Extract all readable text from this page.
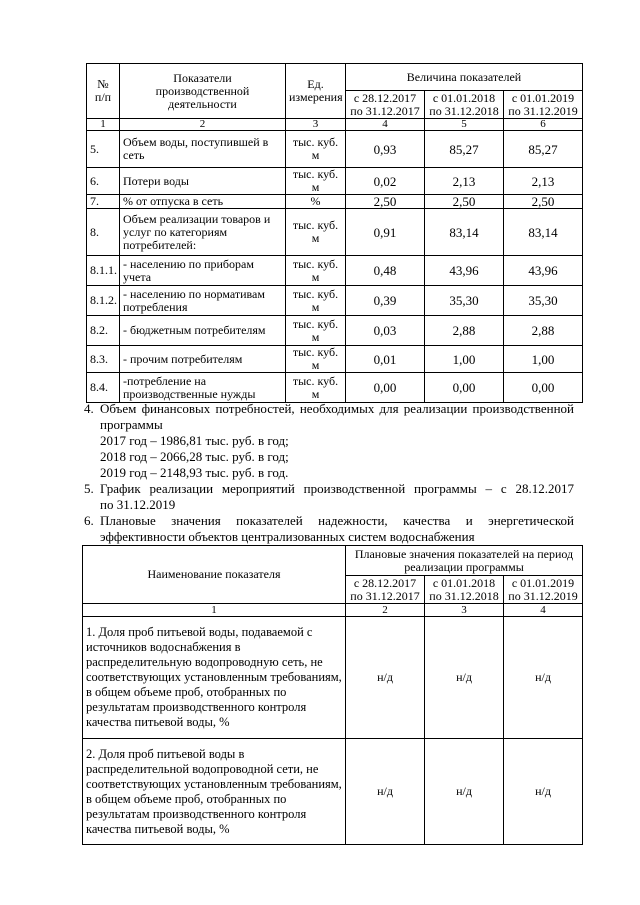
№
п/п	Показатели производственной деятельности	Ед. измерения	Величина показателей		
			с 28.12.2017 по 31.12.2017	с 01.01.2018 по 31.12.2018	с 01.01.2019 по 31.12.2019
1	2	3	4	5	6
5.	Объем воды, поступившей в сеть	тыс. куб. м	0,93	85,27	85,27
6.	Потери воды	тыс. куб. м	0,02	2,13	2,13
7.	% от отпуска в сеть	%	2,50	2,50	2,50
8.	Объем реализации товаров и услуг по категориям потребителей:	тыс. куб. м	0,91	83,14	83,14
8.1.1.	- населению по приборам учета	тыс. куб. м	0,48	43,96	43,96
8.1.2.	- населению по нормативам потребления	тыс. куб. м	0,39	35,30	35,30
8.2.	- бюджетным потребителям	тыс. куб. м	0,03	2,88	2,88
8.3.	- прочим потребителям	тыс. куб. м	0,01	1,00	1,00
8.4.	-потребление на производственные нужды	тыс. куб. м	0,00	0,00	0,00
4. Объем финансовых потребностей, необходимых для реализации производственной
программы
2017 год – 1986,81 тыс. руб. в год;
2018 год – 2066,28 тыс. руб. в год;
2019 год – 2148,93 тыс. руб. в год.
5. График реализации мероприятий производственной программы – с 28.12.2017
по 31.12.2019
6. Плановые значения показателей надежности, качества и энергетической
эффективности объектов централизованных систем водоснабжения
Наименование показателя	Плановые значения показателей на период реализации программы		
	с 28.12.2017 по 31.12.2017	с 01.01.2018 по 31.12.2018	с 01.01.2019 по 31.12.2019
1	2	3	4
1. Доля проб питьевой воды, подаваемой с источников водоснабжения в распределительную водопроводную сеть, не соответствующих установленным требованиям, в общем объеме проб, отобранных по результатам производственного контроля качества питьевой воды, %	н/д	н/д	н/д
2. Доля проб питьевой воды в распределительной водопроводной сети, не соответствующих установленным требованиям, в общем объеме проб, отобранных по результатам производственного контроля качества питьевой воды, %	н/д	н/д	н/д
